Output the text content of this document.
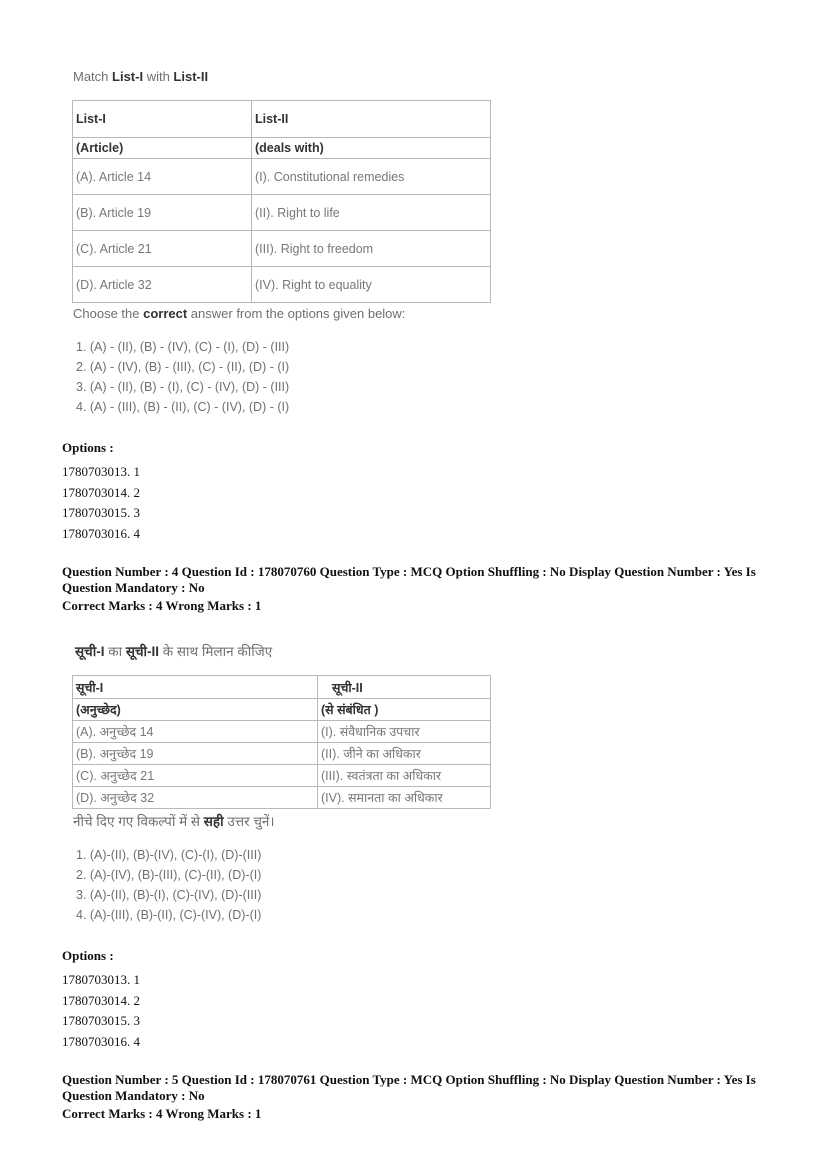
Match List-I with List-II
List-I	List-II
(Article)	(deals with)
(A). Article 14	(I). Constitutional remedies
(B). Article 19	(II). Right to life
(C). Article 21	(III). Right to freedom
(D). Article 32	(IV). Right to equality
Choose the correct answer from the options given below:
1. (A) - (II), (B) - (IV), (C) - (I), (D) - (III)
2. (A) - (IV), (B) - (III), (C) - (II), (D) - (I)
3. (A) - (II), (B) - (I), (C) - (IV), (D) - (III)
4. (A) - (III), (B) - (II), (C) - (IV), (D) - (I)
Options :
1780703013. 1
1780703014. 2
1780703015. 3
1780703016. 4
Question Number : 4 Question Id : 178070760 Question Type : MCQ Option Shuffling : No Display Question Number : Yes Is
Question Mandatory : No
Correct Marks : 4 Wrong Marks : 1
सूची-I का सूची-II के साथ मिलान कीजिए
सूची-I	सूची-II
(अनुच्छेद)	(से संबंधित )
(A). अनुच्छेद 14	(I). संवैधानिक उपचार
(B). अनुच्छेद 19	(II). जीने का अधिकार
(C). अनुच्छेद 21	(III). स्वतंत्रता का अधिकार
(D). अनुच्छेद 32	(IV). समानता का अधिकार
नीचे दिए गए विकल्पों में से सही उत्तर चुनें।
1. (A)-(II), (B)-(IV), (C)-(I), (D)-(III)
2. (A)-(IV), (B)-(III), (C)-(II), (D)-(I)
3. (A)-(II), (B)-(I), (C)-(IV), (D)-(III)
4. (A)-(III), (B)-(II), (C)-(IV), (D)-(I)
Options :
1780703013. 1
1780703014. 2
1780703015. 3
1780703016. 4
Question Number : 5 Question Id : 178070761 Question Type : MCQ Option Shuffling : No Display Question Number : Yes Is
Question Mandatory : No
Correct Marks : 4 Wrong Marks : 1
